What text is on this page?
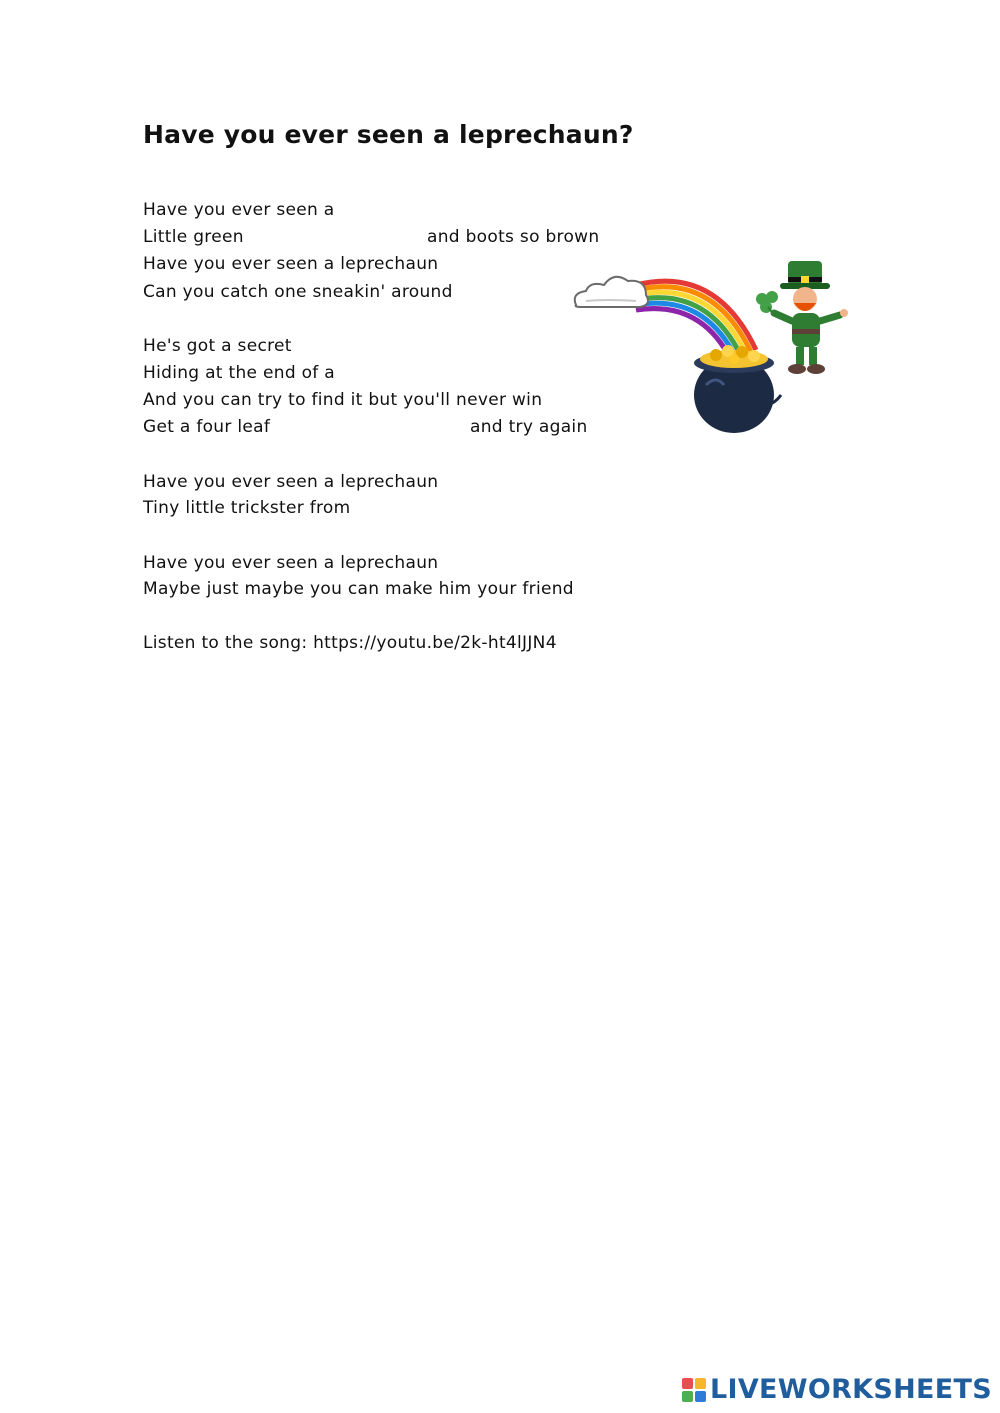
Have you ever seen a leprechaun?
Have you ever seen a
Little green	and boots so brown
Have you ever seen a leprechaun
Can you catch one sneakin' around
He's got a secret
Hiding at the end of a
And you can try to find it but you'll never win
Get a four leaf	and try again
Have you ever seen a leprechaun
Tiny little trickster from
Have you ever seen a leprechaun
Maybe just maybe you can make him your friend
Listen to the song: https://youtu.be/2k-ht4lJJN4
LIVEWORKSHEETS
